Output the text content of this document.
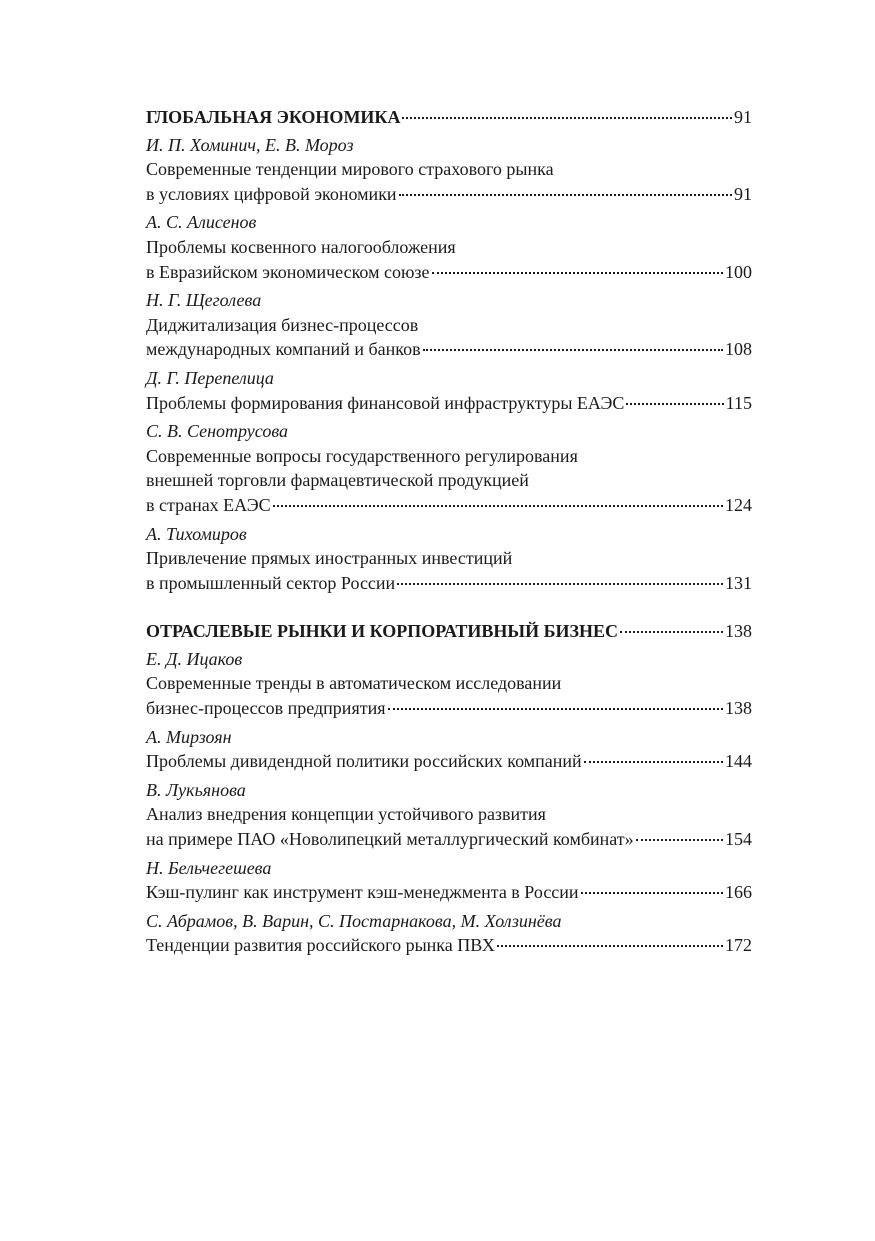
ГЛОБАЛЬНАЯ ЭКОНОМИКА	91
И. П. Хоминич, Е. В. Мороз
Современные тенденции мирового страхового рынка
в условиях цифровой экономики	91
А. С. Алисенов
Проблемы косвенного налогообложения
в Евразийском экономическом союзе	100
Н. Г. Щеголева
Диджитализация бизнес-процессов
международных компаний и банков	108
Д. Г. Перепелица
Проблемы формирования финансовой инфраструктуры ЕАЭС	115
С. В. Сенотрусова
Современные вопросы государственного регулирования
внешней торговли фармацевтической продукцией
в странах ЕАЭС	124
А. Тихомиров
Привлечение прямых иностранных инвестиций
в промышленный сектор России	131
ОТРАСЛЕВЫЕ РЫНКИ И КОРПОРАТИВНЫЙ БИЗНЕС	138
Е. Д. Ицаков
Современные тренды в автоматическом исследовании
бизнес-процессов предприятия	138
А. Мирзоян
Проблемы дивидендной политики российских компаний	144
В. Лукьянова
Анализ внедрения концепции устойчивого развития
на примере ПАО «Новолипецкий металлургический комбинат»	154
Н. Бельчегешева
Кэш-пулинг как инструмент кэш-менеджмента в России	166
С. Абрамов, В. Варин, С. Постарнакова, М. Холзинёва
Тенденции развития российского рынка ПВХ	172
